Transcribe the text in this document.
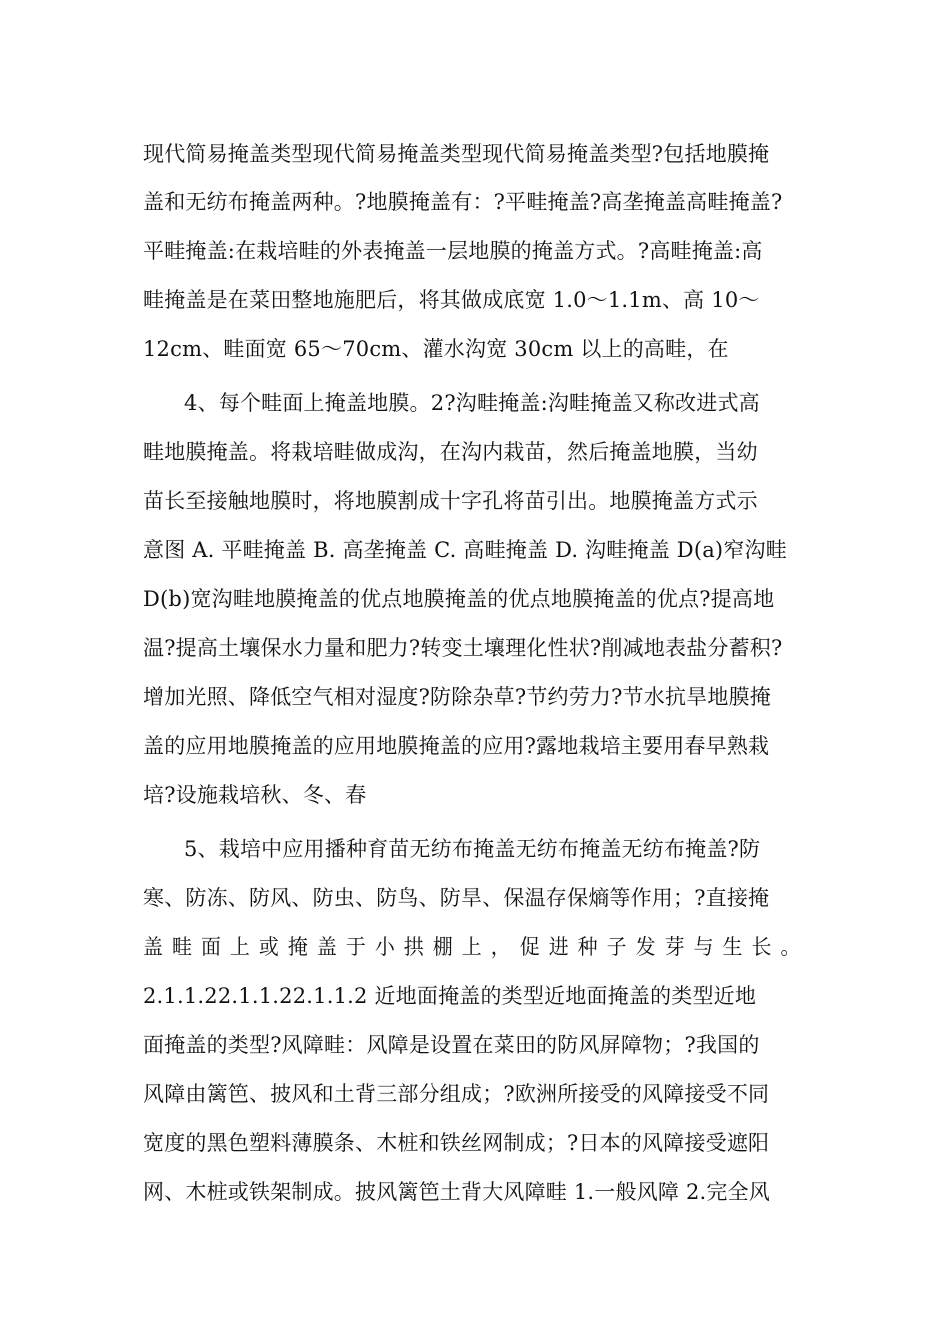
现代简易掩盖类型现代简易掩盖类型现代简易掩盖类型?包括地膜掩
盖和无纺布掩盖两种。?地膜掩盖有：?平畦掩盖?高垄掩盖高畦掩盖?
平畦掩盖:在栽培畦的外表掩盖一层地膜的掩盖方式。?高畦掩盖:高
畦掩盖是在菜田整地施肥后，将其做成底宽 1.0～1.1m、高 10～
12cm、畦面宽 65～70cm、灌水沟宽 30cm 以上的高畦，在
4、每个畦面上掩盖地膜。2?沟畦掩盖:沟畦掩盖又称改进式高
畦地膜掩盖。将栽培畦做成沟，在沟内栽苗，然后掩盖地膜，当幼
苗长至接触地膜时，将地膜割成十字孔将苗引出。地膜掩盖方式示
意图 A. 平畦掩盖 B. 高垄掩盖 C. 高畦掩盖 D. 沟畦掩盖 D(a)窄沟畦
D(b)宽沟畦地膜掩盖的优点地膜掩盖的优点地膜掩盖的优点?提高地
温?提高土壤保水力量和肥力?转变土壤理化性状?削减地表盐分蓄积?
增加光照、降低空气相对湿度?防除杂草?节约劳力?节水抗旱地膜掩
盖的应用地膜掩盖的应用地膜掩盖的应用?露地栽培主要用春早熟栽
培?设施栽培秋、冬、春
5、栽培中应用播种育苗无纺布掩盖无纺布掩盖无纺布掩盖?防
寒、防冻、防风、防虫、防鸟、防旱、保温存保熵等作用；?直接掩
盖畦面上或掩盖于小拱棚上，促进种子发芽与生长。
2.1.1.22.1.1.22.1.1.2 近地面掩盖的类型近地面掩盖的类型近地
面掩盖的类型?风障畦：风障是设置在菜田的防风屏障物；?我国的
风障由篱笆、披风和土背三部分组成；?欧洲所接受的风障接受不同
宽度的黑色塑料薄膜条、木桩和铁丝网制成；?日本的风障接受遮阳
网、木桩或铁架制成。披风篱笆土背大风障畦 1.一般风障 2.完全风
